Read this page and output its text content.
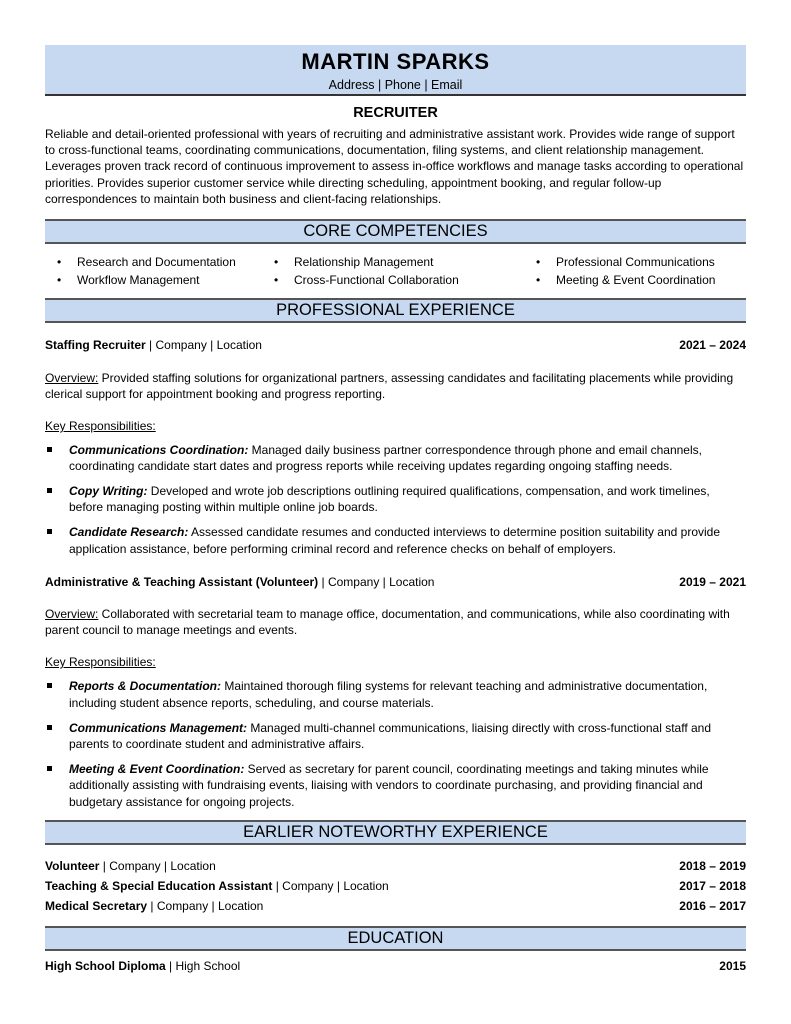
MARTIN SPARKS
Address | Phone | Email
RECRUITER
Reliable and detail-oriented professional with years of recruiting and administrative assistant work. Provides wide range of support to cross-functional teams, coordinating communications, documentation, filing systems, and client relationship management. Leverages proven track record of continuous improvement to assess in-office workflows and manage tasks according to operational priorities. Provides superior customer service while directing scheduling, appointment booking, and regular follow-up correspondences to maintain both business and client-facing relationships.
CORE COMPETENCIES
• Research and Documentation	• Relationship Management	• Professional Communications
• Workflow Management	• Cross-Functional Collaboration	• Meeting & Event Coordination
PROFESSIONAL EXPERIENCE
Staffing Recruiter | Company | Location	2021 – 2024
Overview: Provided staffing solutions for organizational partners, assessing candidates and facilitating placements while providing clerical support for appointment booking and progress reporting.
Key Responsibilities:
Communications Coordination: Managed daily business partner correspondence through phone and email channels, coordinating candidate start dates and progress reports while receiving updates regarding ongoing staffing needs.
Copy Writing: Developed and wrote job descriptions outlining required qualifications, compensation, and work timelines, before managing posting within multiple online job boards.
Candidate Research: Assessed candidate resumes and conducted interviews to determine position suitability and provide application assistance, before performing criminal record and reference checks on behalf of employers.
Administrative & Teaching Assistant (Volunteer) | Company | Location	2019 – 2021
Overview: Collaborated with secretarial team to manage office, documentation, and communications, while also coordinating with parent council to manage meetings and events.
Key Responsibilities:
Reports & Documentation: Maintained thorough filing systems for relevant teaching and administrative documentation, including student absence reports, scheduling, and course materials.
Communications Management: Managed multi-channel communications, liaising directly with cross-functional staff and parents to coordinate student and administrative affairs.
Meeting & Event Coordination: Served as secretary for parent council, coordinating meetings and taking minutes while additionally assisting with fundraising events, liaising with vendors to coordinate purchasing, and providing financial and budgetary assistance for ongoing projects.
EARLIER NOTEWORTHY EXPERIENCE
Volunteer | Company | Location	2018 – 2019
Teaching & Special Education Assistant | Company | Location	2017 – 2018
Medical Secretary | Company | Location	2016 – 2017
EDUCATION
High School Diploma | High School	2015
